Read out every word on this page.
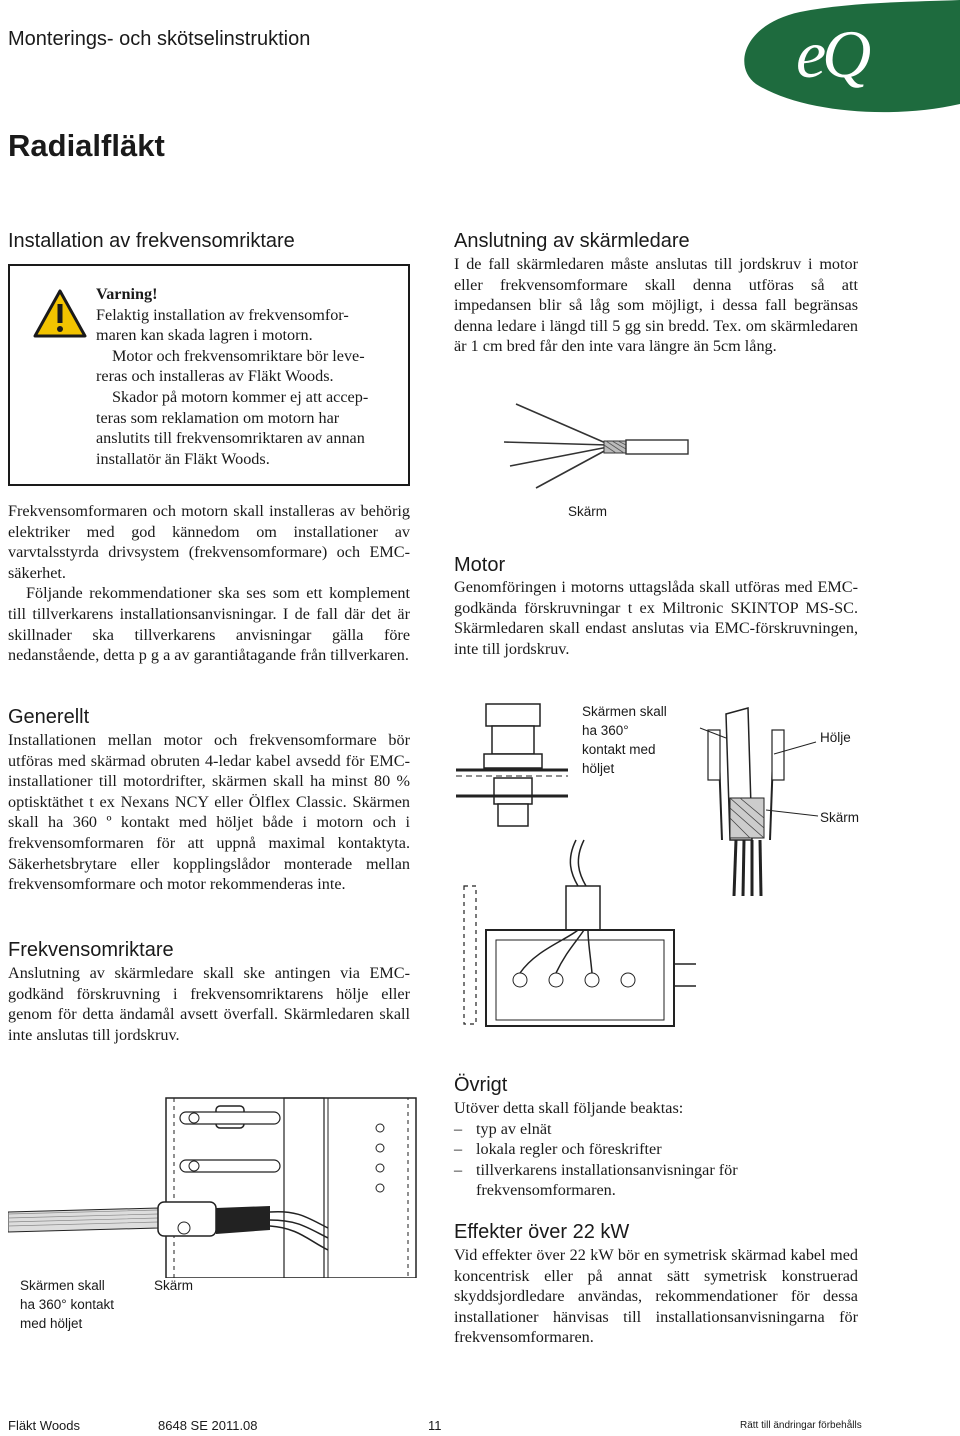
Monterings- och skötselinstruktion	eQ
Radialfläkt
Installation av frekvensomriktare
Varning!
Felaktig installation av frekvensomfor-
maren kan skada lagren i motorn.
Motor och frekvensomriktare bör leve-
reras och installeras av Fläkt Woods.
Skador på motorn kommer ej att accep-
teras som reklamation om motorn har
anslutits till frekvensomriktaren av annan
installatör än Fläkt Woods.

Frekvensomformaren och motorn skall installeras av behörig elektriker med god kännedom om installationer av varvtalsstyrda drivsystem (frekvensomformare) och EMC-säkerhet.

Följande rekommendationer ska ses som ett komplement till tillverkarens installationsanvisningar. I de fall där det är skillnader ska tillverkarens anvisningar gälla före nedanstående, detta p g a av garantiåtagande från tillverkaren.

Generellt

Installationen mellan motor och frekvensomformare bör utföras med skärmad obruten 4-ledar kabel avsedd för EMC-installationer till motordrifter, skärmen skall ha minst 80 % optisktäthet t ex Nexans NCY eller Ölflex Classic. Skärmen skall ha 360 º kontakt med höljet både i motorn och i frekvensomformaren för att uppnå maximal kontaktyta. Säkerhetsbrytare eller kopplingslådor monterade mellan frekvensomformare och motor rekommenderas inte.

Frekvensomriktare

Anslutning av skärmledare skall ske antingen via EMC-godkänd förskruvning i frekvensomriktarens hölje eller genom för detta ändamål avsett överfall. Skärmledaren skall inte anslutas till jordskruv.

Anslutning av skärmledare

I de fall skärmledaren måste anslutas till jordskruv i motor eller frekvensomformare skall denna utföras så att impedansen blir så låg som möjligt, i dessa fall begränsas denna ledare i längd till 5 gg sin bredd. Tex. om skärmledaren är 1 cm bred får den inte vara längre än 5cm lång.

Skärm
Motor

Genomföringen i motorns uttagslåda skall utföras med EMC-godkända förskruvningar t ex Miltronic SKINTOP MS-SC. Skärmledaren skall endast anslutas via EMC-förskruvningen, inte till jordskruv.

Skärmen skall
ha 360°
kontakt med
höljet
Hölje
Skärm
Skärmen skall
ha 360° kontakt
med höljet
Skärm
Övrigt

Utöver detta skall följande beaktas:

– typ av elnät
– lokala regler och föreskrifter
– tillverkarens installationsanvisningar för frekvensomformaren.
Effekter över 22 kW

Vid effekter över 22 kW bör en symetrisk skärmad kabel med koncentrisk eller på annat sätt symetrisk konstruerad skyddsjordledare användas, rekommendationer för dessa installationer hänvisas till installationsanvisningarna för frekvensomformaren.

Fläkt Woods	8648 SE 2011.08	11	Rätt till ändringar förbehålls
